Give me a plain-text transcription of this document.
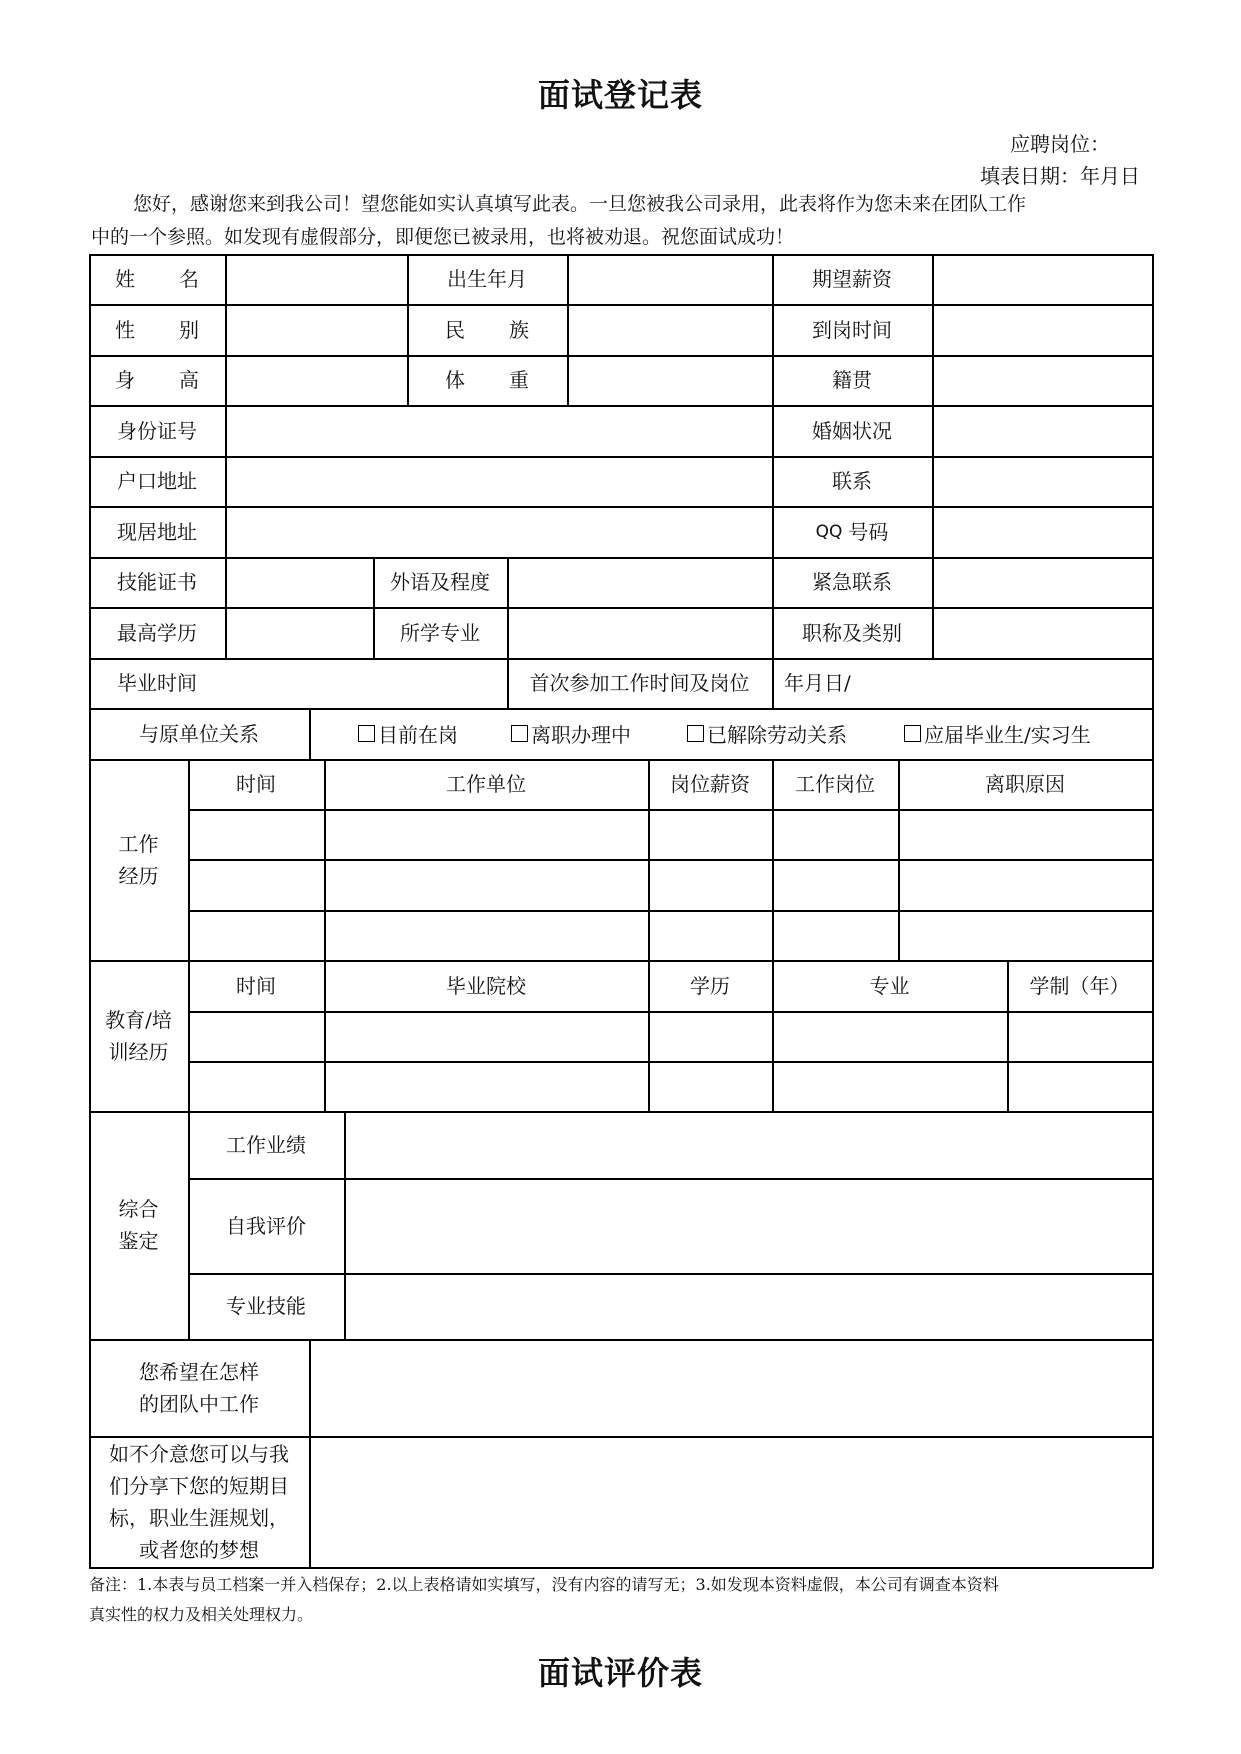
面试登记表
应聘岗位：
填表日期：年月日
您好，感谢您来到我公司！望您能如实认真填写此表。一旦您被我公司录用，此表将作为您未来在团队工作
中的一个参照。如发现有虚假部分，即便您已被录用，也将被劝退。祝您面试成功！
姓 名	出生年月	期望薪资
性 别	民 族	到岗时间
身 高	体 重	籍贯
身份证号	婚姻状况
户口地址	联系
现居地址	QQ 号码
技能证书	外语及程度	紧急联系
最高学历	所学专业	职称及类别
毕业时间	首次参加工作时间及岗位	年月日/
与原单位关系	目前在岗	离职办理中	已解除劳动关系	应届毕业生/实习生
工作
经历
时间	工作单位	岗位薪资	工作岗位	离职原因
教育/培
训经历
时间	毕业院校	学历	专业	学制（年）
综合
鉴定
工作业绩
自我评价
专业技能
您希望在怎样
的团队中工作
如不介意您可以与我
们分享下您的短期目
标，职业生涯规划，
或者您的梦想
备注：1.本表与员工档案一并入档保存；2.以上表格请如实填写，没有内容的请写无；3.如发现本资料虚假，本公司有调查本资料
真实性的权力及相关处理权力。
面试评价表
